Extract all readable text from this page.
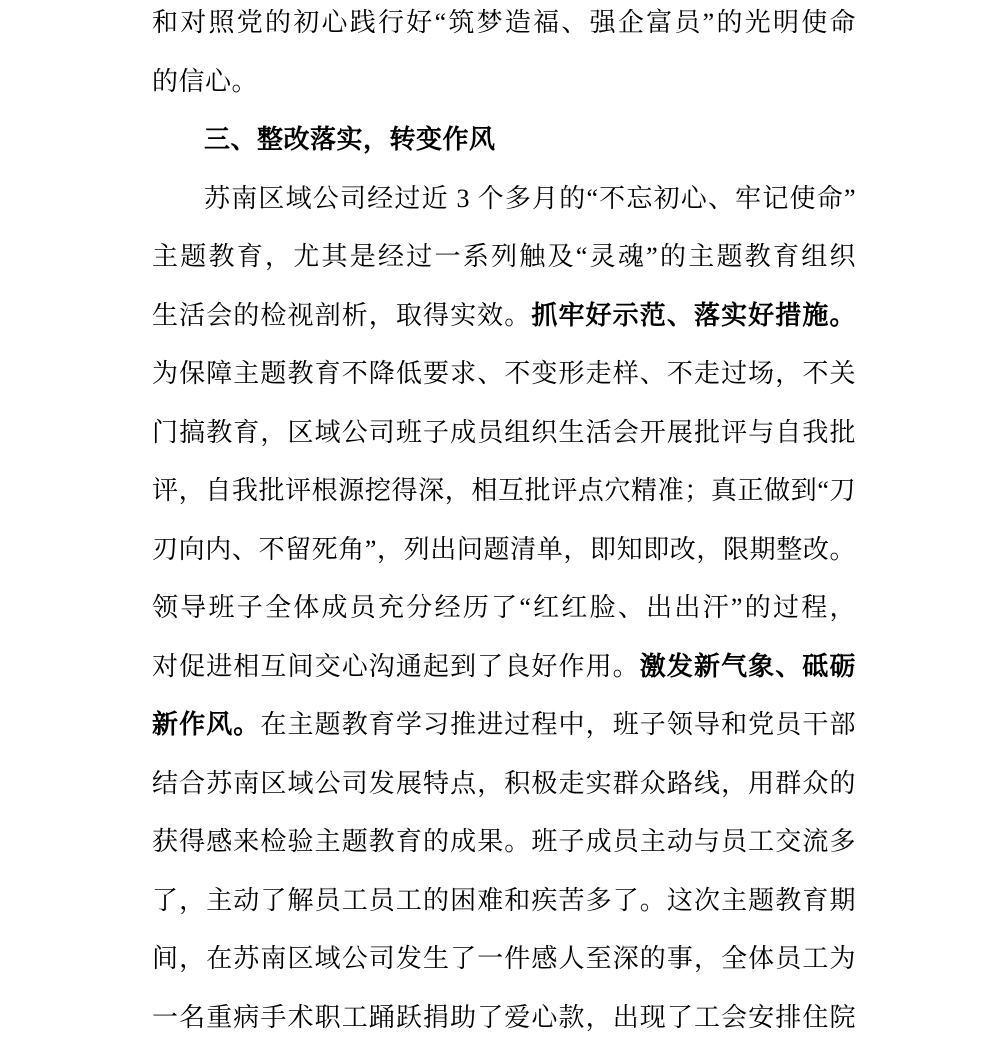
和对照党的初心践行好“筑梦造福、强企富员”的光明使命
的信心。
三、整改落实，转变作风
苏南区域公司经过近 3 个多月的“不忘初心、牢记使命”
主题教育，尤其是经过一系列触及“灵魂”的主题教育组织
生活会的检视剖析，取得实效。抓牢好示范、落实好措施。
为保障主题教育不降低要求、不变形走样、不走过场，不关
门搞教育，区域公司班子成员组织生活会开展批评与自我批
评，自我批评根源挖得深，相互批评点穴精准；真正做到“刀
刃向内、不留死角”，列出问题清单，即知即改，限期整改。
领导班子全体成员充分经历了“红红脸、出出汗”的过程，
对促进相互间交心沟通起到了良好作用。激发新气象、砥砺
新作风。在主题教育学习推进过程中，班子领导和党员干部
结合苏南区域公司发展特点，积极走实群众路线，用群众的
获得感来检验主题教育的成果。班子成员主动与员工交流多
了，主动了解员工员工的困难和疾苦多了。这次主题教育期
间，在苏南区域公司发生了一件感人至深的事，全体员工为
一名重病手术职工踊跃捐助了爱心款，出现了工会安排住院
